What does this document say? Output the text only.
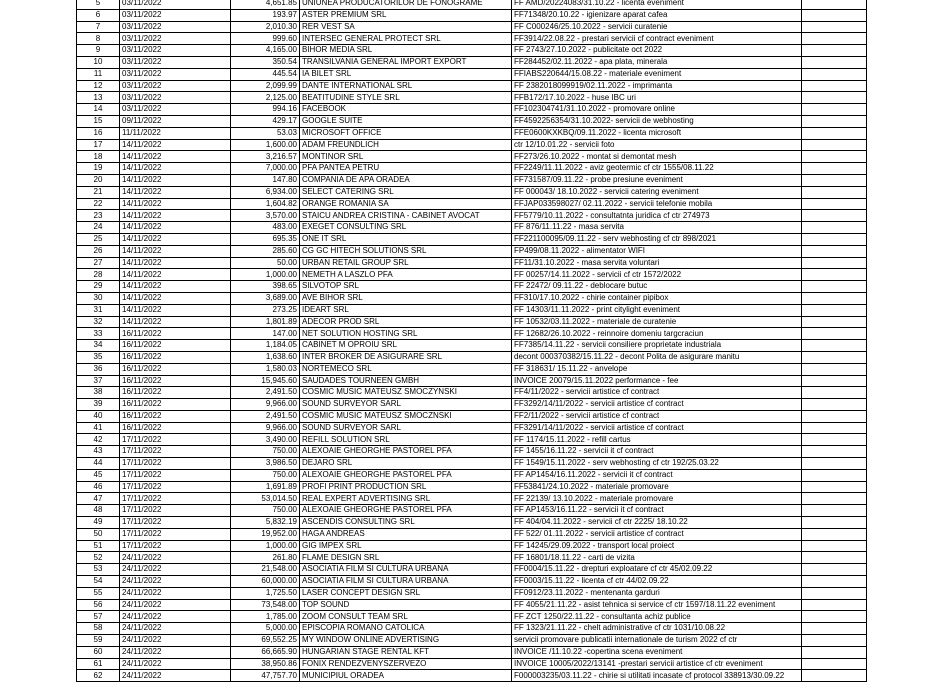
5	03/11/2022	4,651.85	UNIUNEA PRODUCATORILOR DE FONOGRAME	FF AMD/20224083/31.10.22 - licenta eveniment	
6	03/11/2022	193.97	ASTER PREMIUM SRL	FF71348/20.10.22 - igienizare aparat cafea	
7	03/11/2022	2,010.30	RER VEST SA	FF C000246/25.10.2022 - servicii curatenie	
8	03/11/2022	999.60	INTERSEC GENERAL PROTECT SRL	FF3914/22.08.22 - prestari servicii cf contract eveniment	
9	03/11/2022	4,165.00	BIHOR MEDIA SRL	FF 2743/27.10.2022 - publicitate oct 2022	
10	03/11/2022	350.54	TRANSILVANIA GENERAL IMPORT EXPORT	FF284452/02.11.2022 - apa plata, minerala	
11	03/11/2022	445.54	IA BILET SRL	FFIABS220644/15.08.22 - materiale eveniment	
12	03/11/2022	2,099.99	DANTE INTERNATIONAL SRL	FF 2382018099919/02.11.2022 - imprimanta	
13	03/11/2022	2,125.00	BEATITUDINE STYLE SRL	FFB172/17.10.2022 - huse IBC uri	
14	03/11/2022	994.16	FACEBOOK	FF102304741/31.10.2022 - promovare online	
15	09/11/2022	429.17	GOOGLE SUITE	FF4592256354/31.10.2022- servicii de webhosting	
16	11/11/2022	53.03	MICROSOFT OFFICE	FFE0600KXKBQ/09.11.2022 - licenta microsoft	
17	14/11/2022	1,600.00	ADAM FREUNDLICH	ctr 12/10.01.22 - servicii foto	
18	14/11/2022	3,216.57	MONTINOR SRL	FF273/26.10.2022 - montat si demontat mesh	
19	14/11/2022	7,000.00	PFA PANTEA PETRU	FF2249/11.11.2022 - aviz geotermic cf ctr 1555/08.11.22	
20	14/11/2022	147.80	COMPANIA DE APA ORADEA	FF731587/09.11.22 - probe presiune eveniment	
21	14/11/2022	6,934.00	SELECT CATERING SRL	FF 000043/ 18.10.2022 - servicii catering eveniment	
22	14/11/2022	1,604.82	ORANGE ROMANIA SA	FFJAP033598027/ 02.11.2022 - servicii telefonie mobila	
23	14/11/2022	3,570.00	STAICU ANDREA CRISTINA - CABINET AVOCAT	FF5779/10.11.2022 - consultatnta juridica cf ctr 274973	
24	14/11/2022	483.00	EXEGET CONSULTING SRL	FF 876/11.11.22 - masa servita	
25	14/11/2022	695.35	ONE IT SRL	FF221100095/09.11.22 - serv webhosting cf ctr 898/2021	
26	14/11/2022	285.60	CG GC HITECH SOLUTIONS SRL	FP499/08.11.2022 - alimentator WIFI	
27	14/11/2022	50.00	URBAN RETAIL GROUP SRL	FF11/31.10.2022 - masa servita voluntari	
28	14/11/2022	1,000.00	NEMETH A LASZLO PFA	FF 00257/14.11.2022 - servicii cf ctr 1572/2022	
29	14/11/2022	398.65	SILVOTOP SRL	FF 22472/ 09.11.22 - deblocare butuc	
30	14/11/2022	3,689.00	AVE BIHOR SRL	FF310/17.10.2022 - chirie container pipibox	
31	14/11/2022	273.25	IDEART SRL	FF 14303/11.11.2022 - print citylight eveniment	
32	14/11/2022	1,801.89	ADECOR PROD SRL	FF 10532/03.11.2022 - materiale de curatenie	
33	16/11/2022	147.00	NET SOLUTION HOSTING SRL	FF 12682/26.10.2022 - reinnoire domeniu targcraciun	
34	16/11/2022	1,184.05	CABINET M OPROIU SRL	FF7385/14.11.22 - servicii consiliere proprietate industriala	
35	16/11/2022	1,638.60	INTER BROKER DE ASIGURARE SRL	decont 000370382/15.11.22 - decont Polita de asigurare manitu	
36	16/11/2022	1,580.03	NORTEMECO SRL	FF 318631/ 15.11.22 - anvelope	
37	16/11/2022	15,945.60	SAUDADES TOURNEEN GMBH	INVOICE 20079/15.11.2022 performance - fee	
38	16/11/2022	2,491.50	COSMIC MUSIC MATEUSZ SMOCZYNSKI	FF4/11/2022 - servicii artistice cf contract	
39	16/11/2022	9,966.00	SOUND SURVEYOR SARL	FF3292/14/11/2022 - servicii artistice cf contract	
40	16/11/2022	2,491.50	COSMIC MUSIC MATEUSZ SMOCZNSKI	FF2/11/2022 - servicii artistice cf contract	
41	16/11/2022	9,966.00	SOUND SURVEYOR SARL	FF3291/14/11/2022 - servicii artistice cf contract	
42	17/11/2022	3,490.00	REFILL SOLUTION SRL	FF 1174/15.11.2022 - refill cartus	
43	17/11/2022	750.00	ALEXOAIE GHEORGHE PASTOREL PFA	FF 1455/16.11.22 - servicii it cf contract	
44	17/11/2022	3,986.50	DEJARO SRL	FF 1549/15.11.2022 - serv webhosting cf ctr 192/25.03.22	
45	17/11/2022	750.00	ALEXOAIE GHEORGHE PASTOREL PFA	FF AP1454/16.11.2022 - servicii it cf contract	
46	17/11/2022	1,691.89	PROFI PRINT PRODUCTION SRL	FF53841/24.10.2022 - materiale promovare	
47	17/11/2022	53,014.50	REAL EXPERT ADVERTISING SRL	FF 22139/ 13.10.2022 - materiale promovare	
48	17/11/2022	750.00	ALEXOAIE GHEORGHE PASTOREL PFA	FF AP1453/16.11.22 - servicii it cf contract	
49	17/11/2022	5,832.19	ASCENDIS CONSULTING SRL	FF 404/04.11.2022 - servicii cf ctr 2225/ 18.10.22	
50	17/11/2022	19,952.00	HAGA ANDREAS	FF 522/ 01.11.2022 - servicii artistice cf contract	
51	17/11/2022	1,000.00	GIG IMPEX SRL	FF 14245/29.09.2022 - transport local proiect	
52	24/11/2022	261.80	FLAME DESIGN SRL	FF 16801/18.11.22 - carti de vizita	
53	24/11/2022	21,548.00	ASOCIATIA FILM SI CULTURA URBANA	FF0004/15.11.22 - drepturi exploatare cf ctr 45/02.09.22	
54	24/11/2022	60,000.00	ASOCIATIA FILM SI CULTURA URBANA	FF0003/15.11.22 - licenta cf ctr 44/02.09.22	
55	24/11/2022	1,725.50	LASER CONCEPT DESIGN SRL	FF0912/23.11.2022 - mentenanta garduri	
56	24/11/2022	73,548.00	TOP SOUND	FF 4055/21.11.22 - asist tehnica si service cf ctr 1597/18.11.22 eveniment	
57	24/11/2022	1,785.00	ZOOM CONSULT TEAM SRL	FF ZCT 1250/22.11.22 - consultanta achiz publice	
58	24/11/2022	5,000.00	EPISCOPIA ROMANO CATOLICA	FF 1323/21.11.22 - chelt administrative cf ctr 1031/10.08.22	
59	24/11/2022	69,552.25	MY WINDOW ONLINE ADVERTISING	servicii promovare publicatii internationale de turism 2022 cf ctr	
60	24/11/2022	66,665.90	HUNGARIAN STAGE RENTAL KFT	INVOICE /11.10.22 -copertina scena eveniment	
61	24/11/2022	38,950.86	FONIX RENDEZVENYSZERVEZO	INVOICE 10005/2022/13141 -prestari servicii artistice cf ctr eveniment	
62	24/11/2022	47,757.70	MUNICIPIUL ORADEA	F000003235/03.11.22 - chirie si utilitati incasate cf protocol 338913/30.09.22	
